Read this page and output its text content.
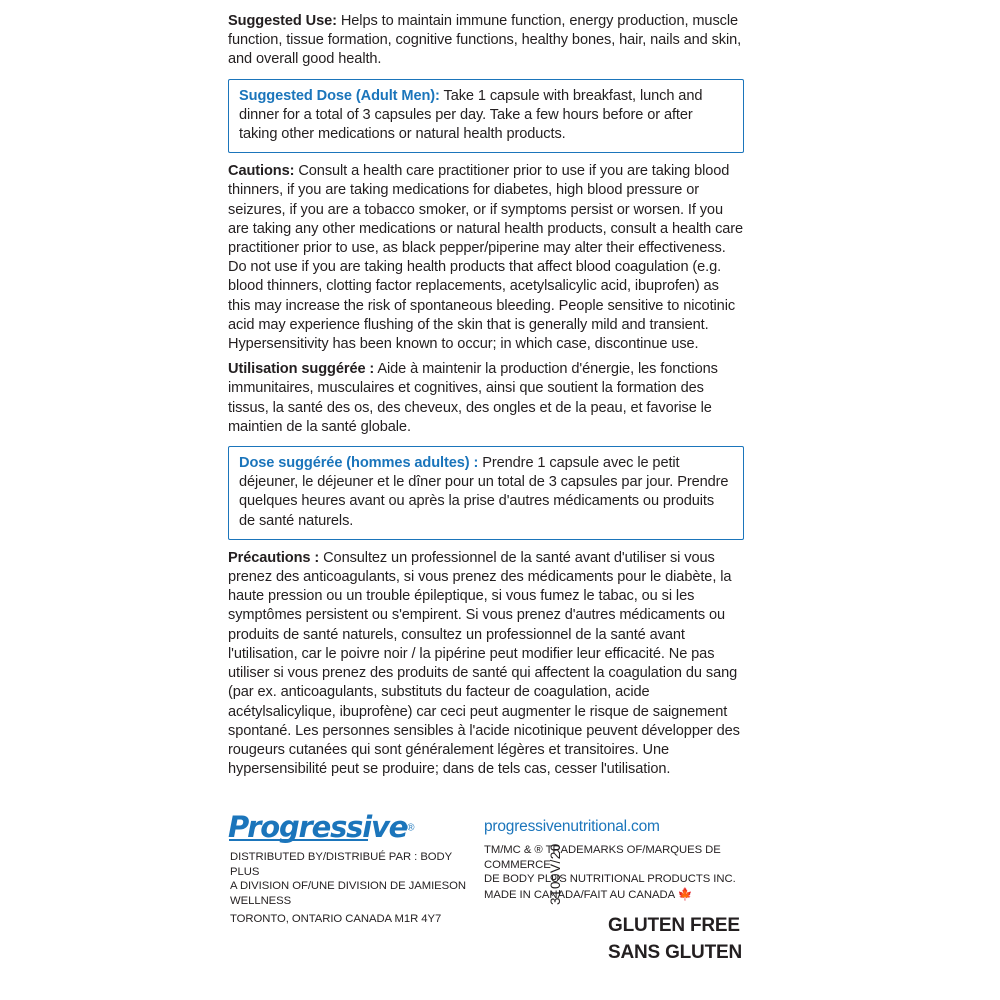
Suggested Use: Helps to maintain immune function, energy production, muscle function, tissue formation, cognitive functions, healthy bones, hair, nails and skin, and overall good health.

Suggested Dose (Adult Men): Take 1 capsule with breakfast, lunch and dinner for a total of 3 capsules per day. Take a few hours before or after taking other medications or natural health products.

Cautions: Consult a health care practitioner prior to use if you are taking blood thinners, if you are taking medications for diabetes, high blood pressure or seizures, if you are a tobacco smoker, or if symptoms persist or worsen. If you are taking any other medications or natural health products, consult a health care practitioner prior to use, as black pepper/piperine may alter their effectiveness. Do not use if you are taking health products that affect blood coagulation (e.g. blood thinners, clotting factor replacements, acetylsalicylic acid, ibuprofen) as this may increase the risk of spontaneous bleeding. People sensitive to nicotinic acid may experience flushing of the skin that is generally mild and transient. Hypersensitivity has been known to occur; in which case, discontinue use.

Utilisation suggérée : Aide à maintenir la production d'énergie, les fonctions immunitaires, musculaires et cognitives, ainsi que soutient la formation des tissus, la santé des os, des cheveux, des ongles et de la peau, et favorise le maintien de la santé globale.

Dose suggérée (hommes adultes) : Prendre 1 capsule avec le petit déjeuner, le déjeuner et le dîner pour un total de 3 capsules par jour. Prendre quelques heures avant ou après la prise d'autres médicaments ou produits de santé naturels.

Précautions : Consultez un professionnel de la santé avant d'utiliser si vous prenez des anticoagulants, si vous prenez des médicaments pour le diabète, la haute pression ou un trouble épileptique, si vous fumez le tabac, ou si les symptômes persistent ou s'empirent. Si vous prenez d'autres médicaments ou produits de santé naturels, consultez un professionnel de la santé avant l'utilisation, car le poivre noir / la pipérine peut modifier leur efficacité. Ne pas utiliser si vous prenez des produits de santé qui affectent la coagulation du sang (par ex. anticoagulants, substituts du facteur de coagulation, acide acétylsalicylique, ibuprofène) car ceci peut augmenter le risque de saignement spontané. Les personnes sensibles à l'acide nicotinique peuvent développer des rougeurs cutanées qui sont généralement légères et transitoires. Une hypersensibilité peut se produire; dans de tels cas, cesser l'utilisation.

Progressive®
DISTRIBUTED BY/DISTRIBUÉ PAR : BODY PLUS
A DIVISION OF/UNE DIVISION DE JAMIESON WELLNESS
TORONTO, ONTARIO CANADA M1R 4Y7
progressivenutritional.com
TM/MC & ® TRADEMARKS OF/MARQUES DE COMMERCE
DE BODY PLUS NUTRITIONAL PRODUCTS INC.
MADE IN CANADA/FAIT AU CANADA 🍁
3109V/20
GLUTEN FREE
SANS GLUTEN
